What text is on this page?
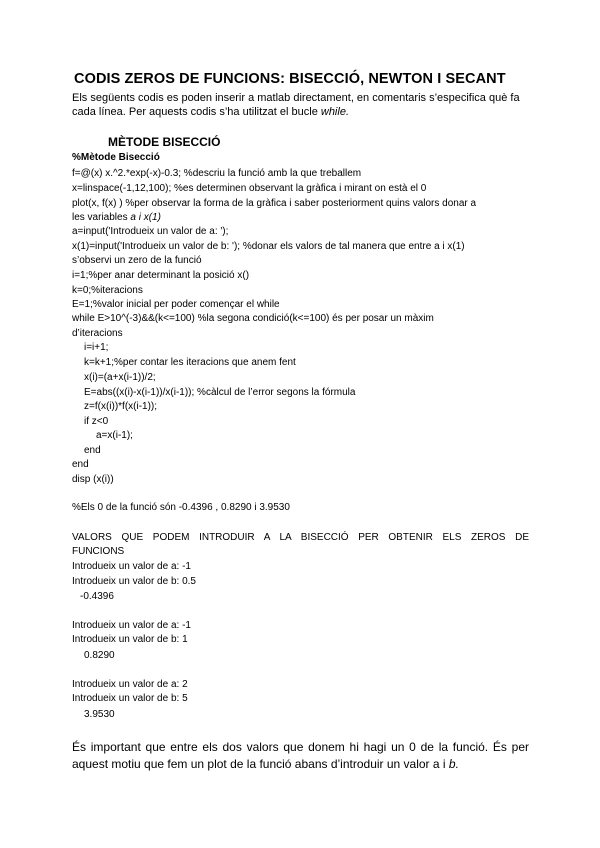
CODIS ZEROS DE FUNCIONS: BISECCIÓ, NEWTON I SECANT
Els següents codis es poden inserir a matlab directament, en comentaris s’especifica què fa
cada línea. Per aquests codis s’ha utilitzat el bucle while.
MÈTODE BISECCIÓ
%Mètode Bisecció
f=@(x) x.^2.*exp(-x)-0.3; %descriu la funció amb la que treballem
x=linspace(-1,12,100); %es determinen observant la gràfica i mirant on està el 0
plot(x, f(x) ) %per observar la forma de la gràfica i saber posteriorment quins valors donar a
les variables a i x(1)
a=input('Introdueix un valor de a: ');
x(1)=input('Introdueix un valor de b: '); %donar els valors de tal manera que entre a i x(1)
s’observi un zero de la funció
i=1;%per anar determinant la posició x()
k=0;%iteracions
E=1;%valor inicial per poder començar el while
while E>10^(-3)&&(k<=100) %la segona condició(k<=100) és per posar un màxim
d’iteracions
i=i+1;
k=k+1;%per contar les iteracions que anem fent
x(i)=(a+x(i-1))/2;
E=abs((x(i)-x(i-1))/x(i-1)); %càlcul de l’error segons la fórmula
z=f(x(i))*f(x(i-1));
if z<0
a=x(i-1);
end
end
disp (x(i))
%Els 0 de la funció són -0.4396 , 0.8290 i 3.9530
VALORS QUE PODEM INTRODUIR A LA BISECCIÓ PER OBTENIR ELS ZEROS DE
FUNCIONS
Introdueix un valor de a: -1
Introdueix un valor de b: 0.5
-0.4396
Introdueix un valor de a: -1
Introdueix un valor de b: 1
0.8290
Introdueix un valor de a: 2
Introdueix un valor de b: 5
3.9530
És important que entre els dos valors que donem hi hagi un 0 de la funció. És per
aquest motiu que fem un plot de la funció abans d’introduir un valor a i b.
